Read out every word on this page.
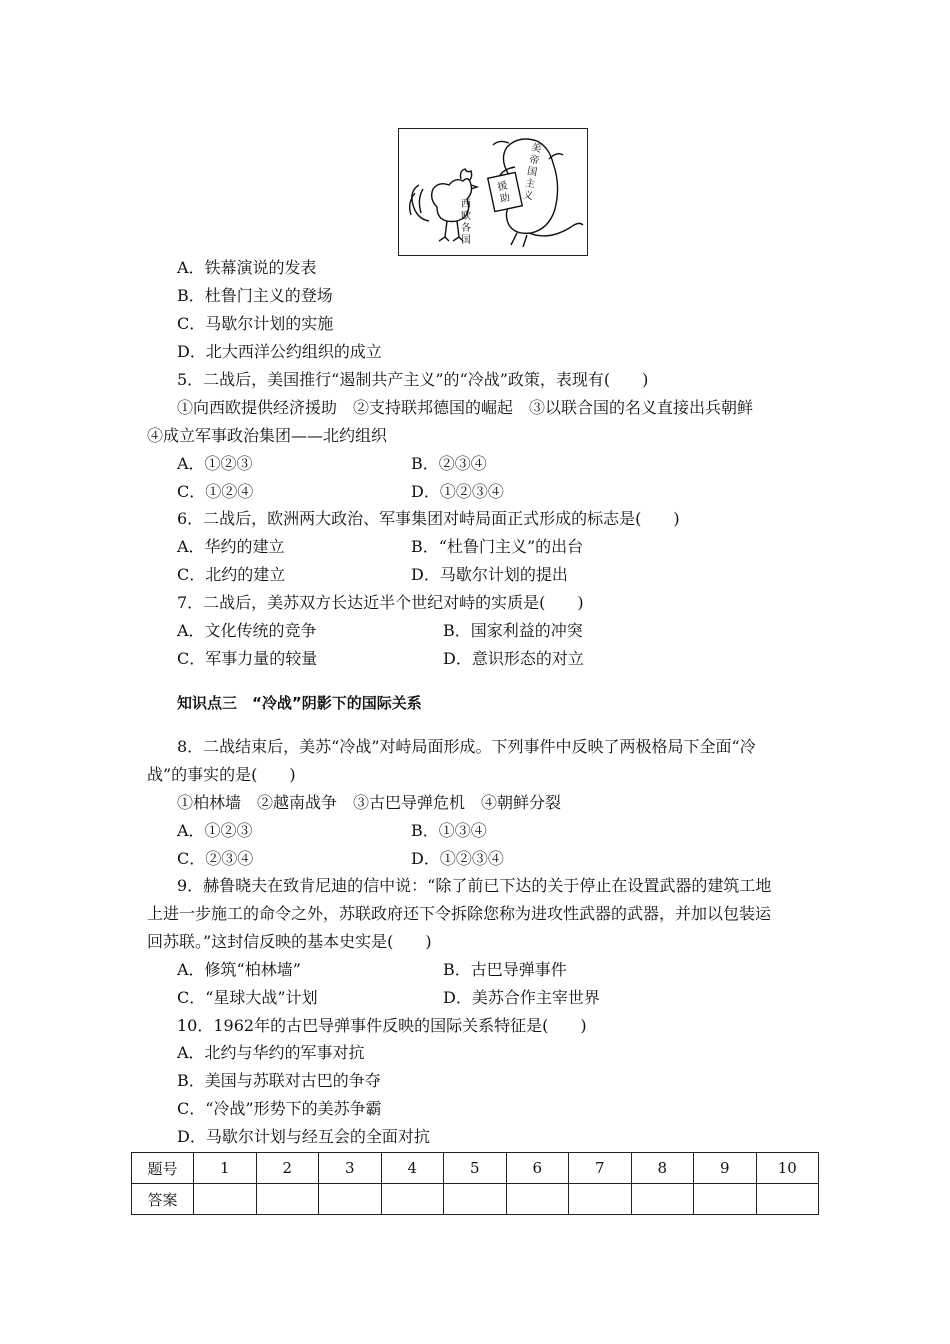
西欧各国
美帝国主义
援助
A．铁幕演说的发表
B．杜鲁门主义的登场
C．马歇尔计划的实施
D．北大西洋公约组织的成立
5．二战后，美国推行“遏制共产主义”的“冷战”政策，表现有(　　)
①向西欧提供经济援助　②支持联邦德国的崛起　③以联合国的名义直接出兵朝鲜
④成立军事政治集团——北约组织
A．①②③	B．②③④
C．①②④	D．①②③④
6．二战后，欧洲两大政治、军事集团对峙局面正式形成的标志是(　　)
A．华约的建立	B．“杜鲁门主义”的出台
C．北约的建立	D．马歇尔计划的提出
7．二战后，美苏双方长达近半个世纪对峙的实质是(　　)
A．文化传统的竞争	B．国家利益的冲突
C．军事力量的较量	D．意识形态的对立
知识点三　“冷战”阴影下的国际关系
8．二战结束后，美苏“冷战”对峙局面形成。下列事件中反映了两极格局下全面“冷
战”的事实的是(　　)
①柏林墙　②越南战争　③古巴导弹危机　④朝鲜分裂
A．①②③	B．①③④
C．②③④	D．①②③④
9．赫鲁晓夫在致肯尼迪的信中说：“除了前已下达的关于停止在设置武器的建筑工地
上进一步施工的命令之外，苏联政府还下令拆除您称为进攻性武器的武器，并加以包装运
回苏联。”这封信反映的基本史实是(　　)
A．修筑“柏林墙”	B．古巴导弹事件
C．“星球大战”计划	D．美苏合作主宰世界
10．1962年的古巴导弹事件反映的国际关系特征是(　　)
A．北约与华约的军事对抗
B．美国与苏联对古巴的争夺
C．“冷战”形势下的美苏争霸
D．马歇尔计划与经互会的全面对抗
题号	1	2	3	4	5	6	7	8	9	10
答案										
